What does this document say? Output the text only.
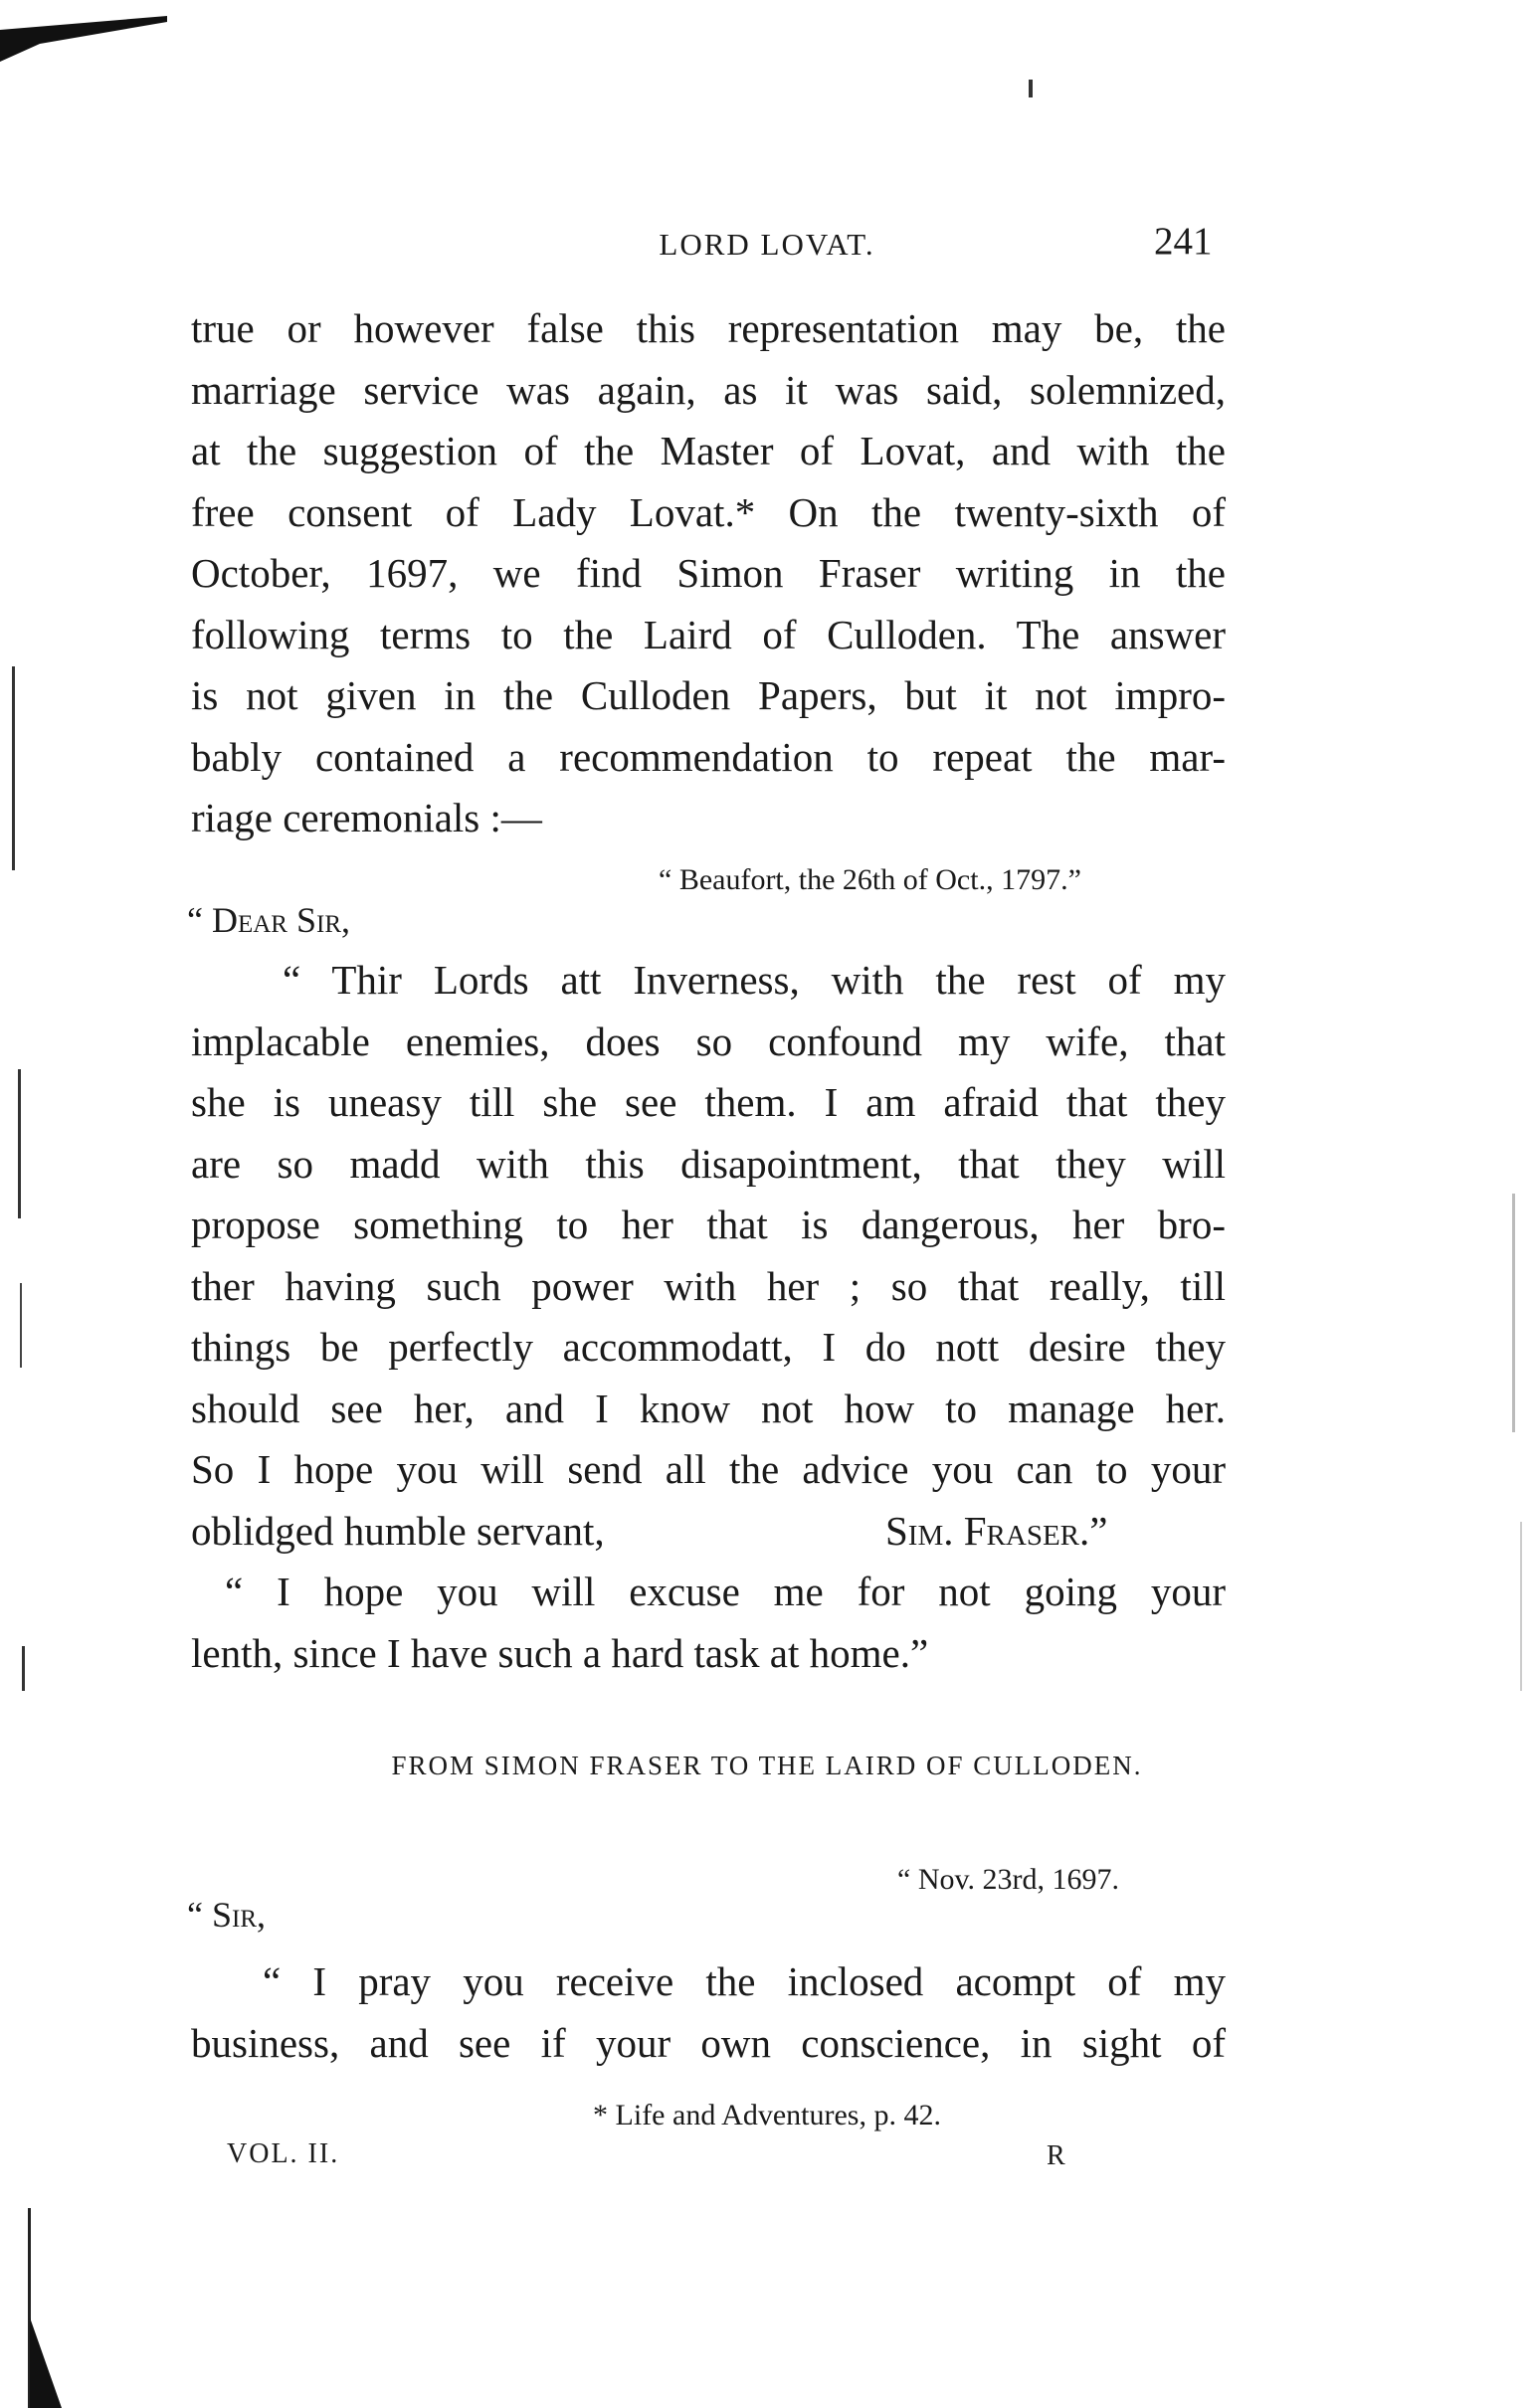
LORD LOVAT.	241
true or however false this representation may be, the
marriage service was again, as it was said, solemnized,
at the suggestion of the Master of Lovat, and with the
free consent of Lady Lovat.* On the twenty-sixth of
October, 1697, we find Simon Fraser writing in the
following terms to the Laird of Culloden. The answer
is not given in the Culloden Papers, but it not impro-
bably contained a recommendation to repeat the mar-
riage ceremonials :—
“ Beaufort, the 26th of Oct., 1797.”
“ Dear Sir,
“ Thir Lords att Inverness, with the rest of my
implacable enemies, does so confound my wife, that
she is uneasy till she see them. I am afraid that they
are so madd with this disapointment, that they will
propose something to her that is dangerous, her bro-
ther having such power with her ; so that really, till
things be perfectly accommodatt, I do nott desire they
should see her, and I know not how to manage her.
So I hope you will send all the advice you can to your
oblidged humble servant,	Sim. Fraser.”
“ I hope you will excuse me for not going your
lenth, since I have such a hard task at home.”
FROM SIMON FRASER TO THE LAIRD OF CULLODEN.
“ Nov. 23rd, 1697.
“ Sir,
“ I pray you receive the inclosed acompt of my
business, and see if your own conscience, in sight of
* Life and Adventures, p. 42.
VOL. II.	R
